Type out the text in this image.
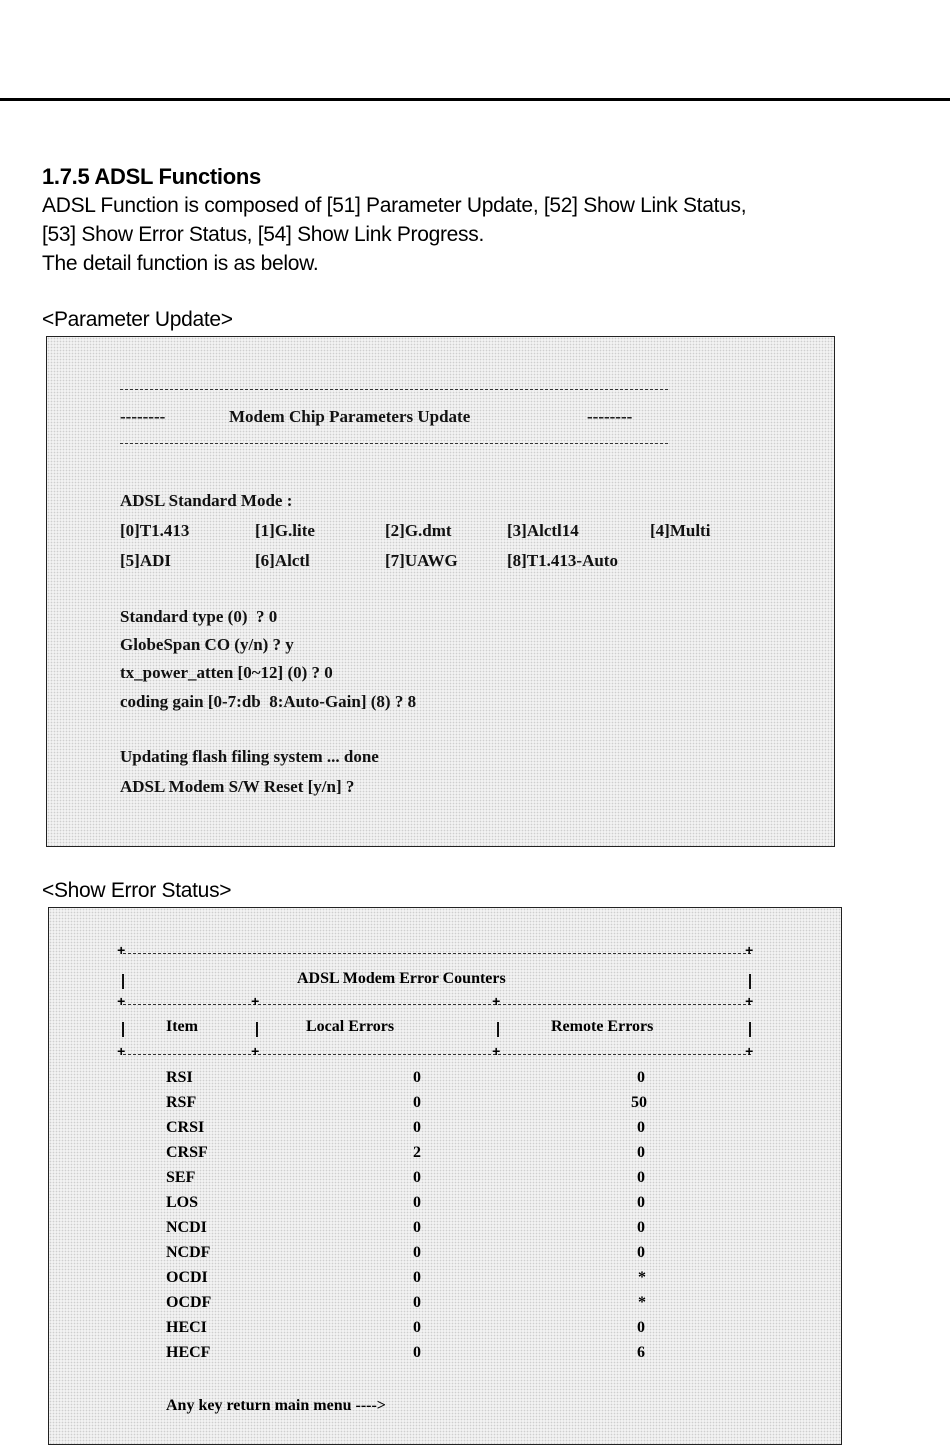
1.7.5 ADSL Functions
ADSL Function is composed of [51] Parameter Update, [52] Show Link Status,
[53] Show Error Status, [54] Show Link Progress.
The detail function is as below.
<Parameter Update>
--------	Modem Chip Parameters Update	--------
ADSL Standard Mode :
[0]T1.413	[1]G.lite	[2]G.dmt	[3]Alctl14	[4]Multi
[5]ADI	[6]Alctl	[7]UAWG	[8]T1.413-Auto
Standard type (0)  ? 0
GlobeSpan CO (y/n) ? y
tx_power_atten [0~12] (0) ? 0
coding gain [0-7:db  8:Auto-Gain] (8) ? 8
Updating flash filing system ... done
ADSL Modem S/W Reset [y/n] ?
<Show Error Status>
+	+
ADSL Modem Error Counters
+	+	+	+
Item	Local Errors	Remote Errors
+	+	+	+
RSI	0	0
RSF	0	50
CRSI	0	0
CRSF	2	0
SEF	0	0
LOS	0	0
NCDI	0	0
NCDF	0	0
OCDI	0	*
OCDF	0	*
HECI	0	0
HECF	0	6
Any key return main menu ---->
